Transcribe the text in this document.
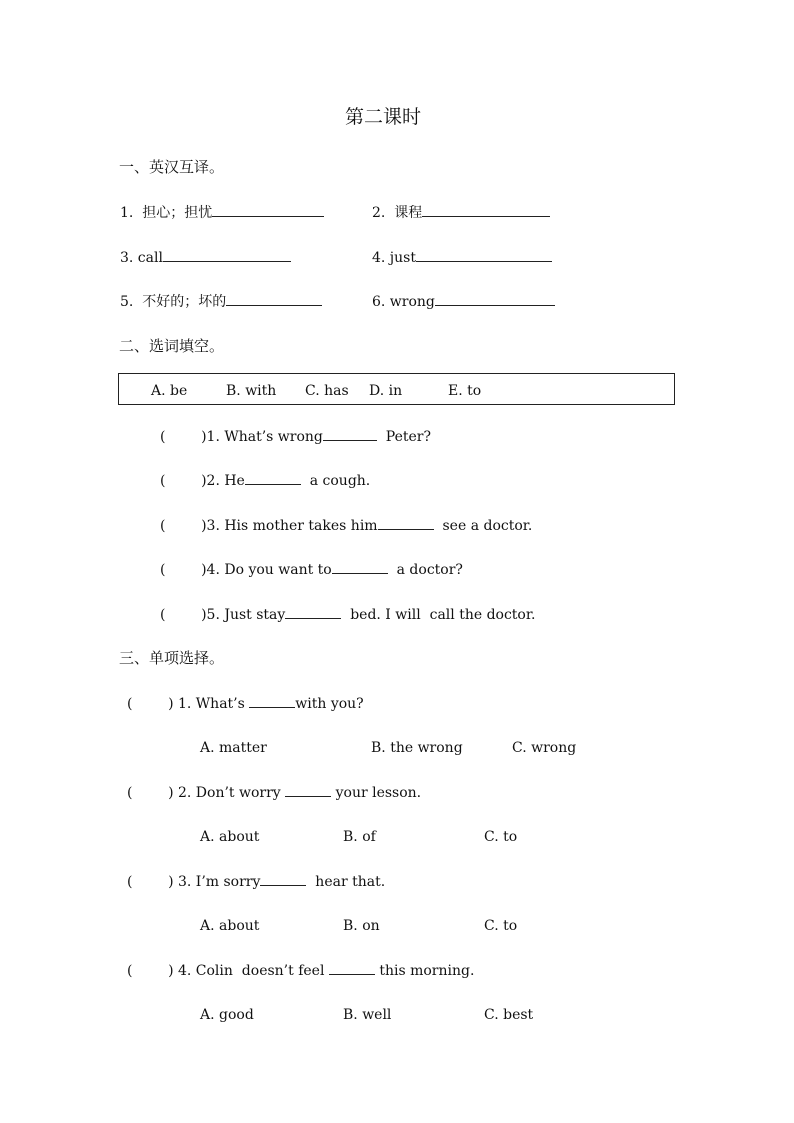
第二课时
一、英汉互译。
1.  担心；担忧	2.  课程
3. call	4. just
5.  不好的；坏的	6. wrong
二、选词填空。
A. be	B. with C. has D. in	E. to
(        )1. What’s wrong	Peter?
(        )2. He	a cough.
(        )3. His mother takes him	see a doctor.
(        )4. Do you want to	a doctor?
(        )5. Just stay	bed. I will  call the doctor.
三、单项选择。
(        ) 1. What’s	with you?
A. matter	B. the wrong	C. wrong
(        ) 2. Don’t worry	your lesson.
A. about	B. of	C. to
(        ) 3. I’m sorry	hear that.
A. about	B. on	C. to
(        ) 4. Colin  doesn’t feel	this morning.
A. good	B. well	C. best
